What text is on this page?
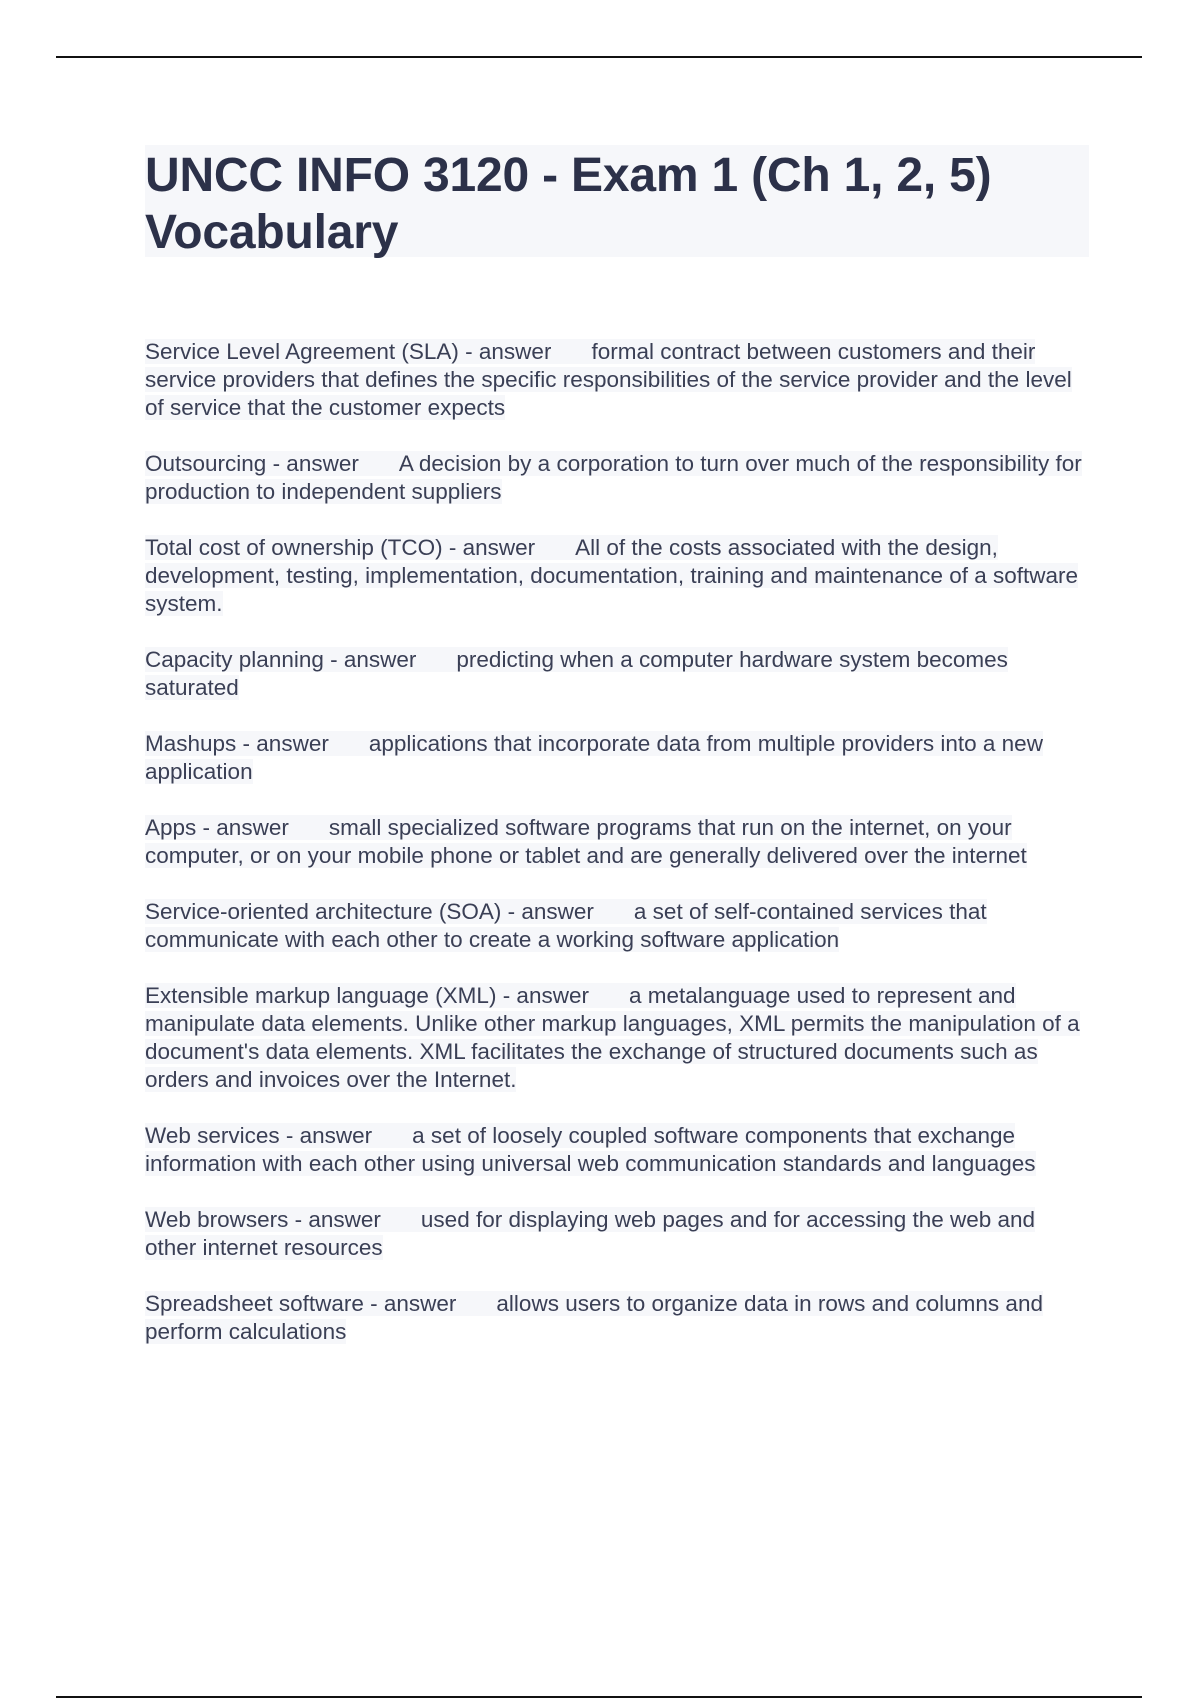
UNCC INFO 3120 - Exam 1 (Ch 1, 2, 5) Vocabulary

Service Level Agreement (SLA) - answer formal contract between customers and their service providers that defines the specific responsibilities of the service provider and the level of service that the customer expects

Outsourcing - answer A decision by a corporation to turn over much of the responsibility for production to independent suppliers

Total cost of ownership (TCO) - answer All of the costs associated with the design, development, testing, implementation, documentation, training and maintenance of a software system.

Capacity planning - answer predicting when a computer hardware system becomes saturated

Mashups - answer applications that incorporate data from multiple providers into a new application

Apps - answer small specialized software programs that run on the internet, on your computer, or on your mobile phone or tablet and are generally delivered over the internet

Service-oriented architecture (SOA) - answer a set of self-contained services that communicate with each other to create a working software application

Extensible markup language (XML) - answer a metalanguage used to represent and manipulate data elements. Unlike other markup languages, XML permits the manipulation of a document's data elements. XML facilitates the exchange of structured documents such as orders and invoices over the Internet.

Web services - answer a set of loosely coupled software components that exchange information with each other using universal web communication standards and languages

Web browsers - answer used for displaying web pages and for accessing the web and other internet resources

Spreadsheet software - answer allows users to organize data in rows and columns and perform calculations
